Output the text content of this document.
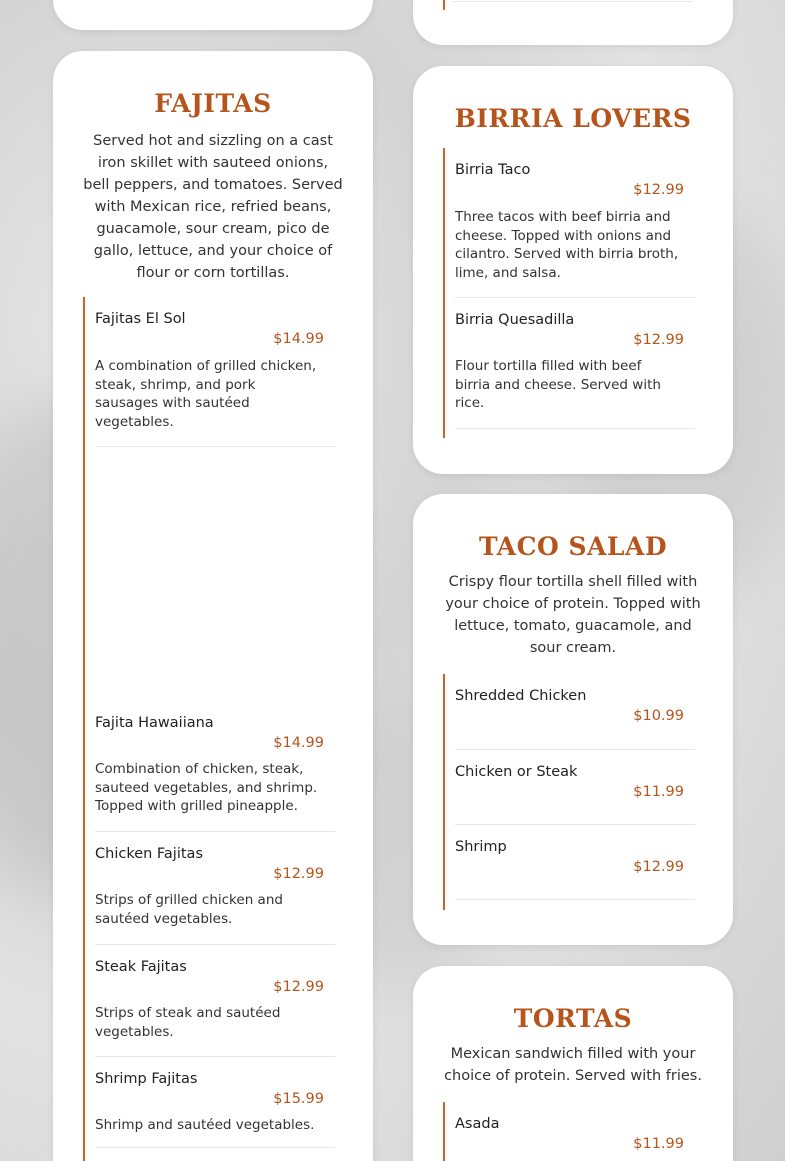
FAJITAS
Served hot and sizzling on a cast iron skillet with sauteed onions, bell peppers, and tomatoes. Served with Mexican rice, refried beans, guacamole, sour cream, pico de gallo, lettuce, and your choice of flour or corn tortillas.
Fajitas El Sol
$14.99
A combination of grilled chicken, steak, shrimp, and pork sausages with sautéed vegetables.
Fajita Hawaiiana
$14.99
Combination of chicken, steak, sauteed vegetables, and shrimp. Topped with grilled pineapple.
Chicken Fajitas
$12.99
Strips of grilled chicken and sautéed vegetables.
Steak Fajitas
$12.99
Strips of steak and sautéed vegetables.
Shrimp Fajitas
$15.99
Shrimp and sautéed vegetables.
BIRRIA LOVERS
Birria Taco
$12.99
Three tacos with beef birria and cheese. Topped with onions and cilantro. Served with birria broth, lime, and salsa.
Birria Quesadilla
$12.99
Flour tortilla filled with beef birria and cheese. Served with rice.
TACO SALAD
Crispy flour tortilla shell filled with your choice of protein. Topped with lettuce, tomato, guacamole, and sour cream.
Shredded Chicken
$10.99
Chicken or Steak
$11.99
Shrimp
$12.99
TORTAS
Mexican sandwich filled with your choice of protein. Served with fries.
Asada
$11.99
